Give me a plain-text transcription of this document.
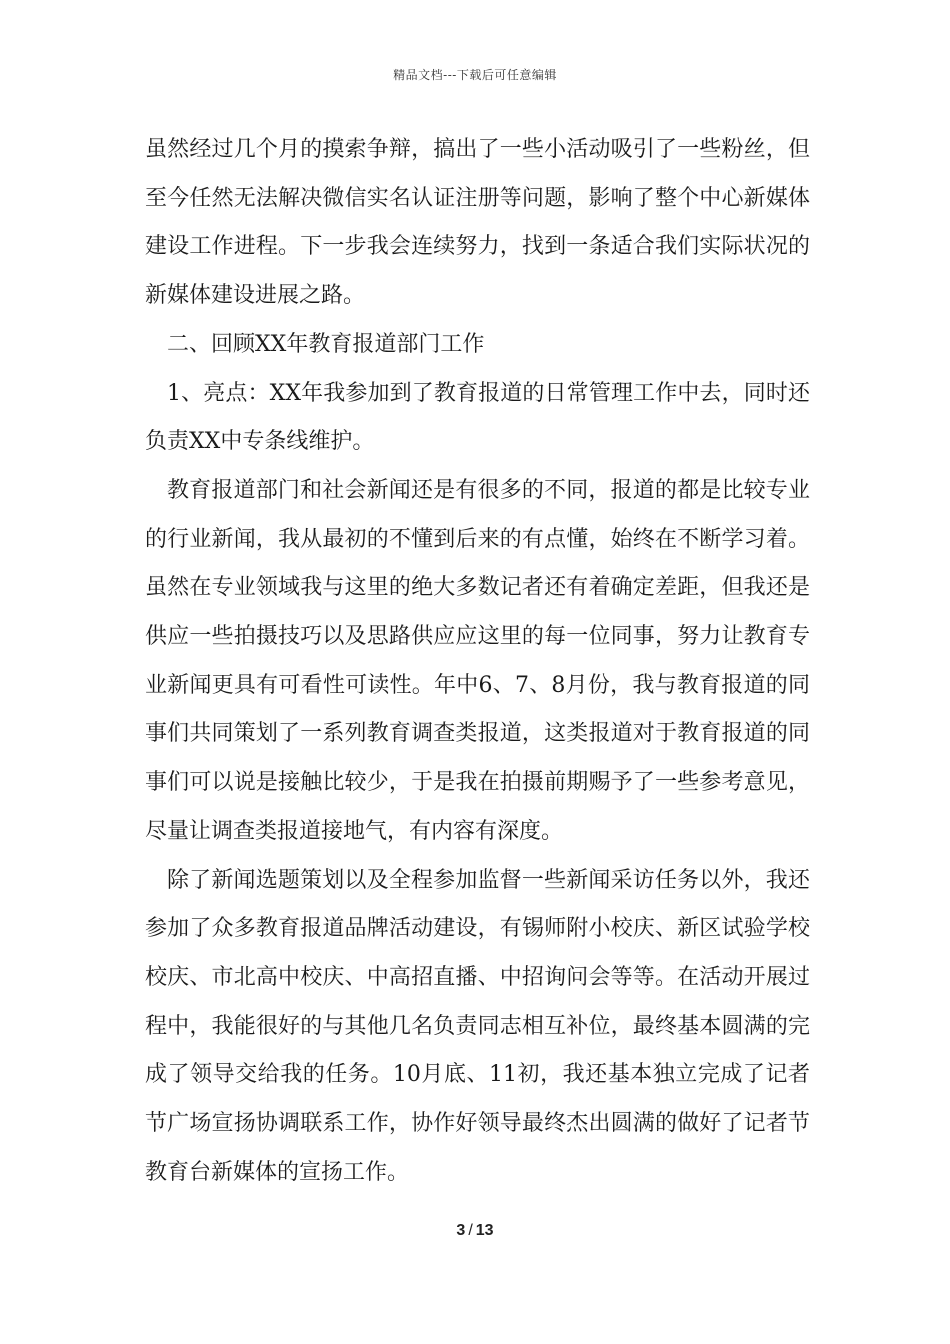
精品文档---下载后可任意编辑

虽然经过几个月的摸索争辩，搞出了一些小活动吸引了一些粉丝，但至今任然无法解决微信实名认证注册等问题，影响了整个中心新媒体建设工作进程。下一步我会连续努力，找到一条适合我们实际状况的新媒体建设进展之路。

二、回顾XX年教育报道部门工作

1、亮点：XX年我参加到了教育报道的日常管理工作中去，同时还负责XX中专条线维护。

教育报道部门和社会新闻还是有很多的不同，报道的都是比较专业的行业新闻，我从最初的不懂到后来的有点懂，始终在不断学习着。虽然在专业领域我与这里的绝大多数记者还有着确定差距，但我还是供应一些拍摄技巧以及思路供应应这里的每一位同事，努力让教育专业新闻更具有可看性可读性。年中6、7、8月份，我与教育报道的同事们共同策划了一系列教育调查类报道，这类报道对于教育报道的同事们可以说是接触比较少，于是我在拍摄前期赐予了一些参考意见，尽量让调查类报道接地气，有内容有深度。

除了新闻选题策划以及全程参加监督一些新闻采访任务以外，我还参加了众多教育报道品牌活动建设，有锡师附小校庆、新区试验学校校庆、市北高中校庆、中高招直播、中招询问会等等。在活动开展过程中，我能很好的与其他几名负责同志相互补位，最终基本圆满的完成了领导交给我的任务。10月底、11初，我还基本独立完成了记者节广场宣扬协调联系工作，协作好领导最终杰出圆满的做好了记者节教育台新媒体的宣扬工作。

3 / 13
